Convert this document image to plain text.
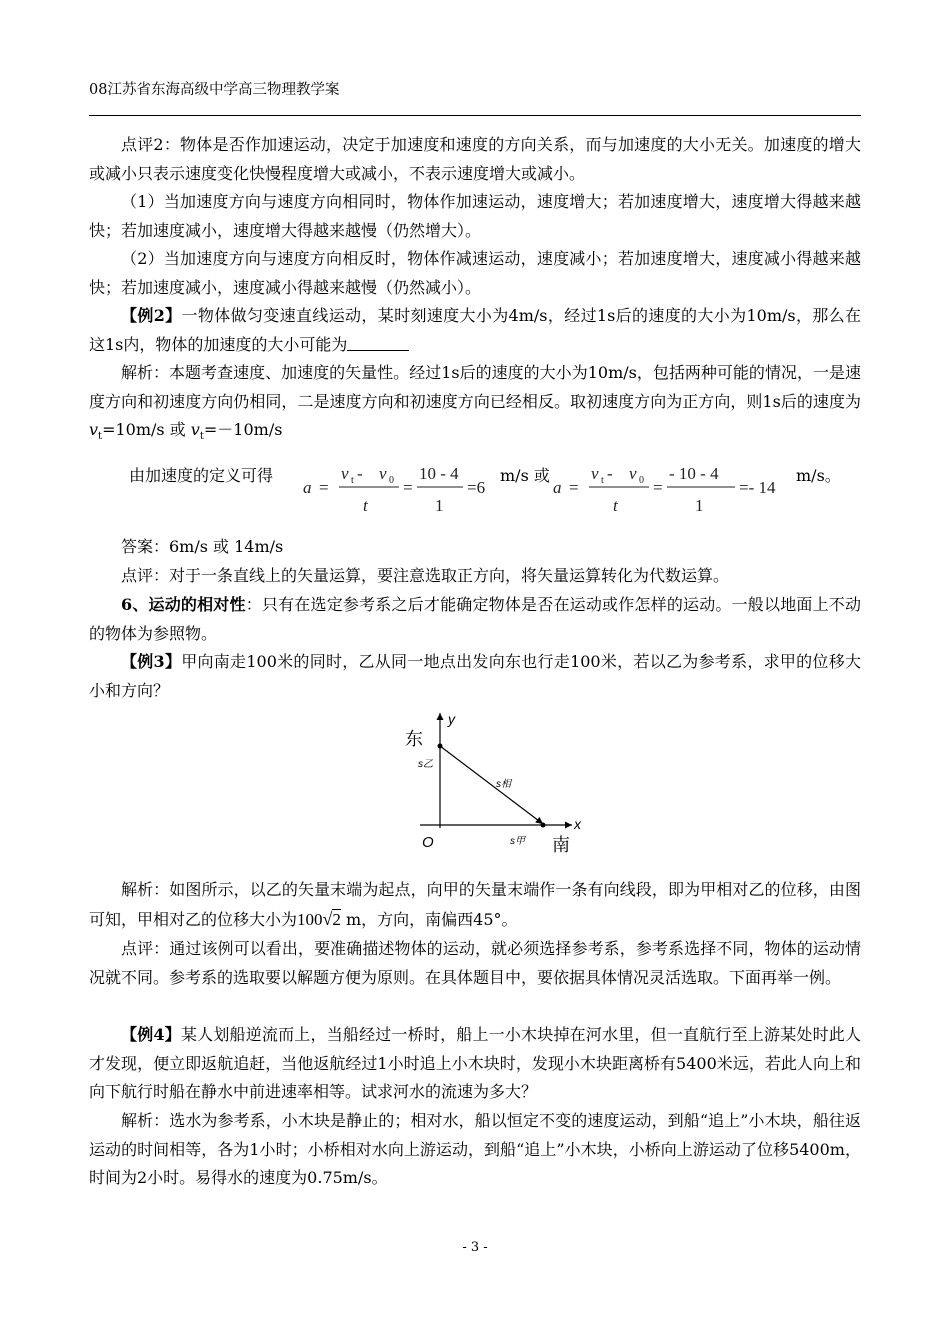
08江苏省东海高级中学高三物理教学案
点评2：物体是否作加速运动，决定于加速度和速度的方向关系，而与加速度的大小无关。加速度的增大或减小只表示速度变化快慢程度增大或减小，不表示速度增大或减小。
（1）当加速度方向与速度方向相同时，物体作加速运动，速度增大；若加速度增大，速度增大得越来越快；若加速度减小，速度增大得越来越慢（仍然增大）。
（2）当加速度方向与速度方向相反时，物体作减速运动，速度减小；若加速度增大，速度减小得越来越快；若加速度减小，速度减小得越来越慢（仍然减小）。
【例2】一物体做匀变速直线运动，某时刻速度大小为4m/s，经过1s后的速度的大小为10m/s，那么在这1s内，物体的加速度的大小可能为
解析：本题考查速度、加速度的矢量性。经过1s后的速度的大小为10m/s，包括两种可能的情况，一是速度方向和初速度方向仍相同，二是速度方向和初速度方向已经相反。取初速度方向为正方向，则1s后的速度为$v_t=10m/s$ 或 $v_t=-10m/s$
由加速度的定义可得
a =
v t - v 0
t
=
10 - 4
1
=6	a =
v t - v 0
t
=
- 10 - 4
1
=- 14
m/s 或	m/s。
答案：6m/s 或 14m/s
点评：对于一条直线上的矢量运算，要注意选取正方向，将矢量运算转化为代数运算。
6、运动的相对性：只有在选定参考系之后才能确定物体是否在运动或作怎样的运动。一般以地面上不动的物体为参照物。
【例3】甲向南走100米的同时，乙从同一地点出发向东也行走100米，若以乙为参考系，求甲的位移大小和方向？
东
y
x
南
O
s乙
s相
s甲
解析：如图所示，以乙的矢量末端为起点，向甲的矢量末端作一条有向线段，即为甲相对乙的位移，由图可知，甲相对乙的位移大小为100√2 m，方向，南偏西45°。
点评：通过该例可以看出，要准确描述物体的运动，就必须选择参考系，参考系选择不同，物体的运动情况就不同。参考系的选取要以解题方便为原则。在具体题目中，要依据具体情况灵活选取。下面再举一例。
【例4】某人划船逆流而上，当船经过一桥时，船上一小木块掉在河水里，但一直航行至上游某处时此人才发现，便立即返航追赶，当他返航经过1小时追上小木块时，发现小木块距离桥有5400米远，若此人向上和向下航行时船在静水中前进速率相等。试求河水的流速为多大？
解析：选水为参考系，小木块是静止的；相对水，船以恒定不变的速度运动，到船“追上”小木块，船往返运动的时间相等，各为1小时；小桥相对水向上游运动，到船“追上”小木块，小桥向上游运动了位移5400m，时间为2小时。易得水的速度为0.75m/s。
- 3 -
